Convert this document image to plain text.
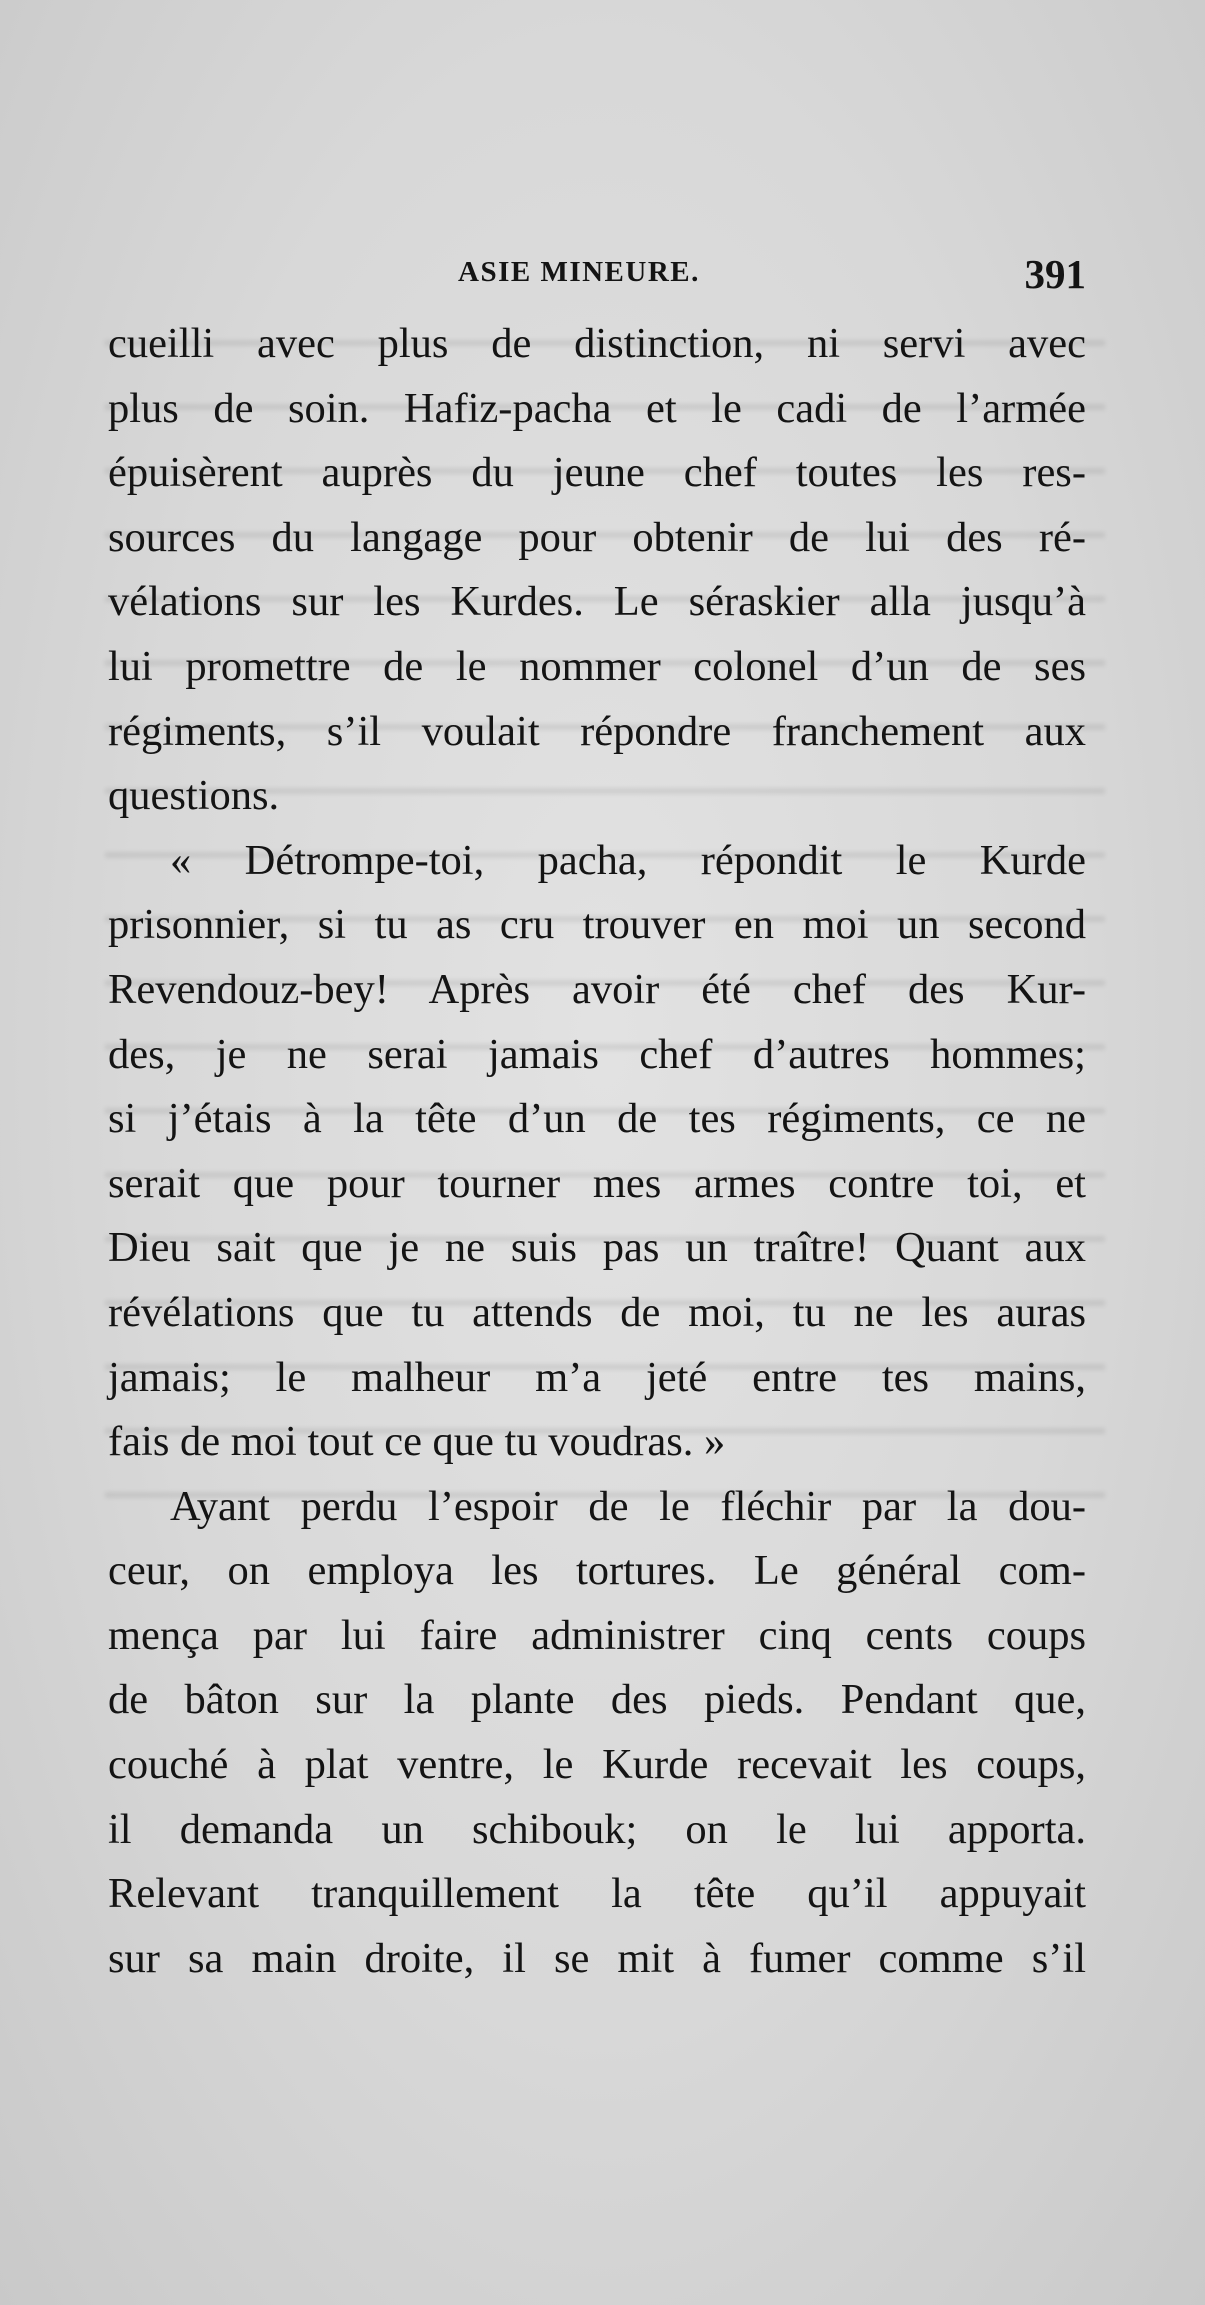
ASIE MINEURE.	391
cueilli avec plus de distinction, ni servi avec
plus de soin. Hafiz-pacha et le cadi de l’armée
épuisèrent auprès du jeune chef toutes les res-
sources du langage pour obtenir de lui des ré-
vélations sur les Kurdes. Le séraskier alla jusqu’à
lui promettre de le nommer colonel d’un de ses
régiments, s’il voulait répondre franchement aux
questions.
« Détrompe-toi, pacha, répondit le Kurde
prisonnier, si tu as cru trouver en moi un second
Revendouz-bey! Après avoir été chef des Kur-
des, je ne serai jamais chef d’autres hommes;
si j’étais à la tête d’un de tes régiments, ce ne
serait que pour tourner mes armes contre toi, et
Dieu sait que je ne suis pas un traître! Quant aux
révélations que tu attends de moi, tu ne les auras
jamais; le malheur m’a jeté entre tes mains,
fais de moi tout ce que tu voudras. »
Ayant perdu l’espoir de le fléchir par la dou-
ceur, on employa les tortures. Le général com-
mença par lui faire administrer cinq cents coups
de bâton sur la plante des pieds. Pendant que,
couché à plat ventre, le Kurde recevait les coups,
il demanda un schibouk; on le lui apporta.
Relevant tranquillement la tête qu’il appuyait
sur sa main droite, il se mit à fumer comme s’il
